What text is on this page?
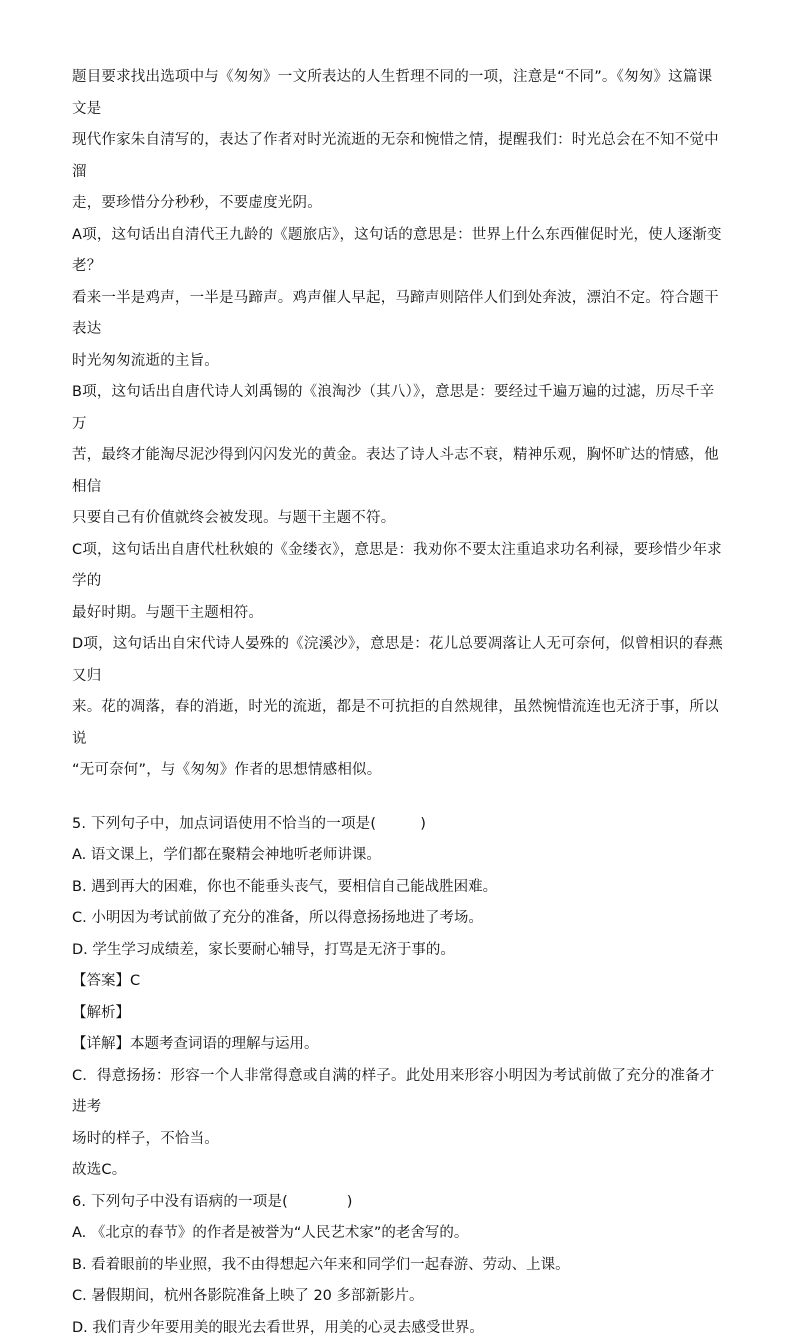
题目要求找出选项中与《匆匆》一文所表达的人生哲理不同的一项，注意是“不同”。《匆匆》这篇课文是

现代作家朱自清写的，表达了作者对时光流逝的无奈和惋惜之情，提醒我们：时光总会在不知不觉中溜

走，要珍惜分分秒秒，不要虚度光阴。

A项，这句话出自清代王九龄的《题旅店》，这句话的意思是：世界上什么东西催促时光，使人逐渐变老？

看来一半是鸡声，一半是马蹄声。鸡声催人早起，马蹄声则陪伴人们到处奔波，漂泊不定。符合题干表达

时光匆匆流逝的主旨。

B项，这句话出自唐代诗人刘禹锡的《浪淘沙（其八）》，意思是：要经过千遍万遍的过滤，历尽千辛万

苦，最终才能淘尽泥沙得到闪闪发光的黄金。表达了诗人斗志不衰，精神乐观，胸怀旷达的情感，他相信

只要自己有价值就终会被发现。与题干主题不符。

C项，这句话出自唐代杜秋娘的《金缕衣》，意思是：我劝你不要太注重追求功名利禄，要珍惜少年求学的

最好时期。与题干主题相符。

D项，这句话出自宋代诗人晏殊的《浣溪沙》，意思是：花儿总要凋落让人无可奈何，似曾相识的春燕又归

来。花的凋落，春的消逝，时光的流逝，都是不可抗拒的自然规律，虽然惋惜流连也无济于事，所以说

“无可奈何”，与《匆匆》作者的思想情感相似。

5. 下列句子中，加点词语使用不恰当的一项是(　　　)

A. 语文课上，学们都在聚精会神地听老师讲课。

B. 遇到再大的困难，你也不能垂头丧气，要相信自己能战胜困难。

C. 小明因为考试前做了充分的准备，所以得意扬扬地进了考场。

D. 学生学习成绩差，家长要耐心辅导，打骂是无济于事的。

【答案】C

【解析】

【详解】本题考查词语的理解与运用。

C．得意扬扬：形容一个人非常得意或自满的样子。此处用来形容小明因为考试前做了充分的准备才进考

场时的样子，不恰当。

故选C。

6. 下列句子中没有语病的一项是(　　　　)

A. 《北京的春节》的作者是被誉为“人民艺术家”的老舍写的。

B. 看着眼前的毕业照，我不由得想起六年来和同学们一起春游、劳动、上课。

C. 暑假期间，杭州各影院准备上映了 20 多部新影片。

D. 我们青少年要用美的眼光去看世界，用美的心灵去感受世界。
